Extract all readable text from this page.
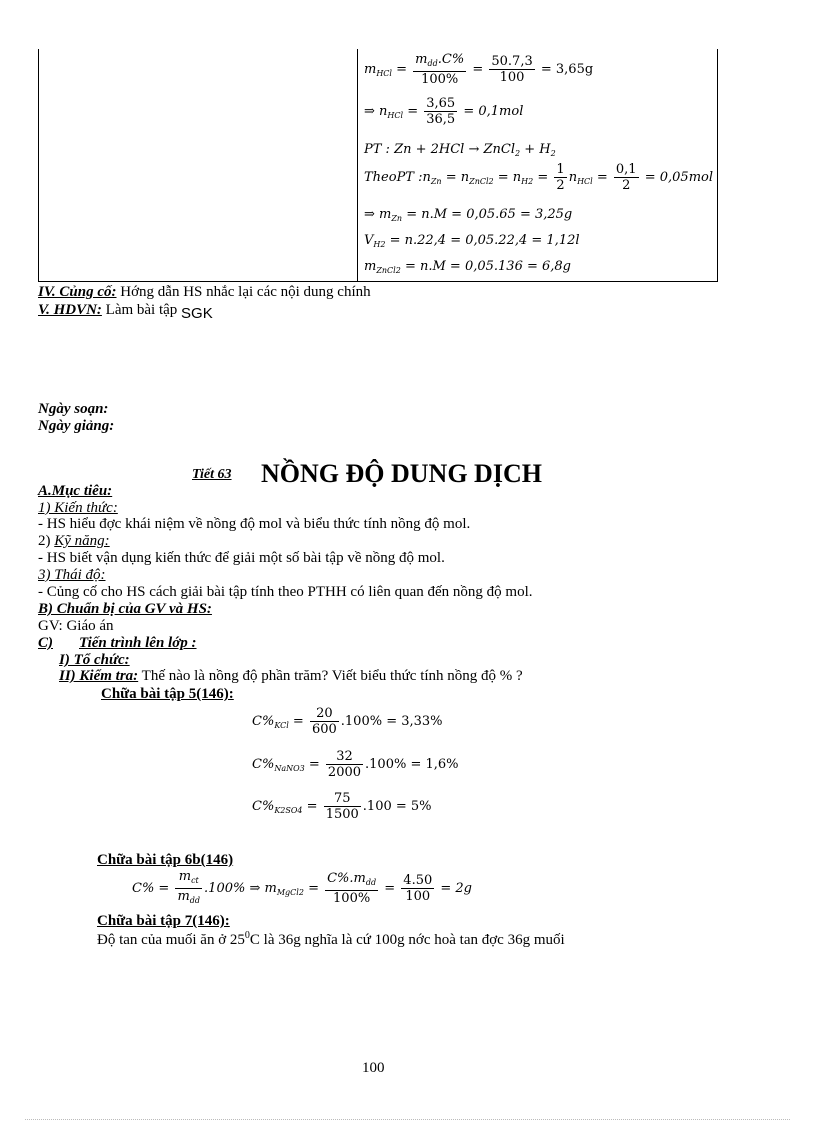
$m_{HCl} = \frac{m_{dd}.C\%}{100\%} = \frac{50.7,3}{100} = 3,65g$
⇒ $n_{HCl} = \frac{3,65}{36,5} = 0,1mol$
PT : Zn + 2HCl → ZnCl$_2$ + $H_2$
TheoPT $:n_{Zn} = n_{ZnCl2} = n_{H2} = \frac{1}{2} n_{HCl} = \frac{0,1}{2} = 0,05mol$
⇒ $m_{Zn} = n.M = 0,05.65 = 3,25g$
$V_{H2} = n.22,4 = 0,05.22,4 = 1,12l$
$m_{ZnCl2} = n.M = 0,05.136 = 6,8g$
IV. Củng cố: Hớng dẫn HS nhắc lại các nội dung chính
V. HDVN: Làm bài tập SGK
Ngày soạn:
Ngày giảng:
Tiết 63 NỒNG ĐỘ DUNG DỊCH
A.Mục tiêu:
1) Kiến thức:
- HS hiểu đợc khái niệm về nồng độ mol và biểu thức tính nồng độ mol.
2) Kỹ năng:
- HS biết vận dụng kiến thức để giải một số bài tập về nồng độ mol.
3) Thái độ:
- Củng cố cho HS cách giải bài tập tính theo PTHH có liên quan đến nồng độ mol.
B) Chuẩn bị của GV và HS:
GV: Giáo án
C) Tiến trình lên lớp :
I) Tổ chức:
II) Kiểm tra: Thế nào là nồng độ phần trăm? Viết biểu thức tính nồng độ % ?
Chữa bài tập 5(146):
$C\%_{KCl} = \frac{20}{600} .100\% = 3,33\%$
$C\%_{NaNO3} = \frac{32}{2000} .100\% = 1,6\%$
$C\%_{K2SO4} = \frac{75}{1500} .100 = 5\%$
Chữa bài tập 6b(146)
$C\% = \frac{m_{ct}}{m_{dd}} .100\%$ ⇒ $m_{MgCl2} = \frac{C\%.m_{dd}}{100\%} = \frac{4.50}{100} = 2g$
Chữa bài tập 7(146):
Độ tan của muối ăn ở $25^0C$ là 36g nghĩa là cứ 100g nớc hoà tan đợc 36g muối
100
